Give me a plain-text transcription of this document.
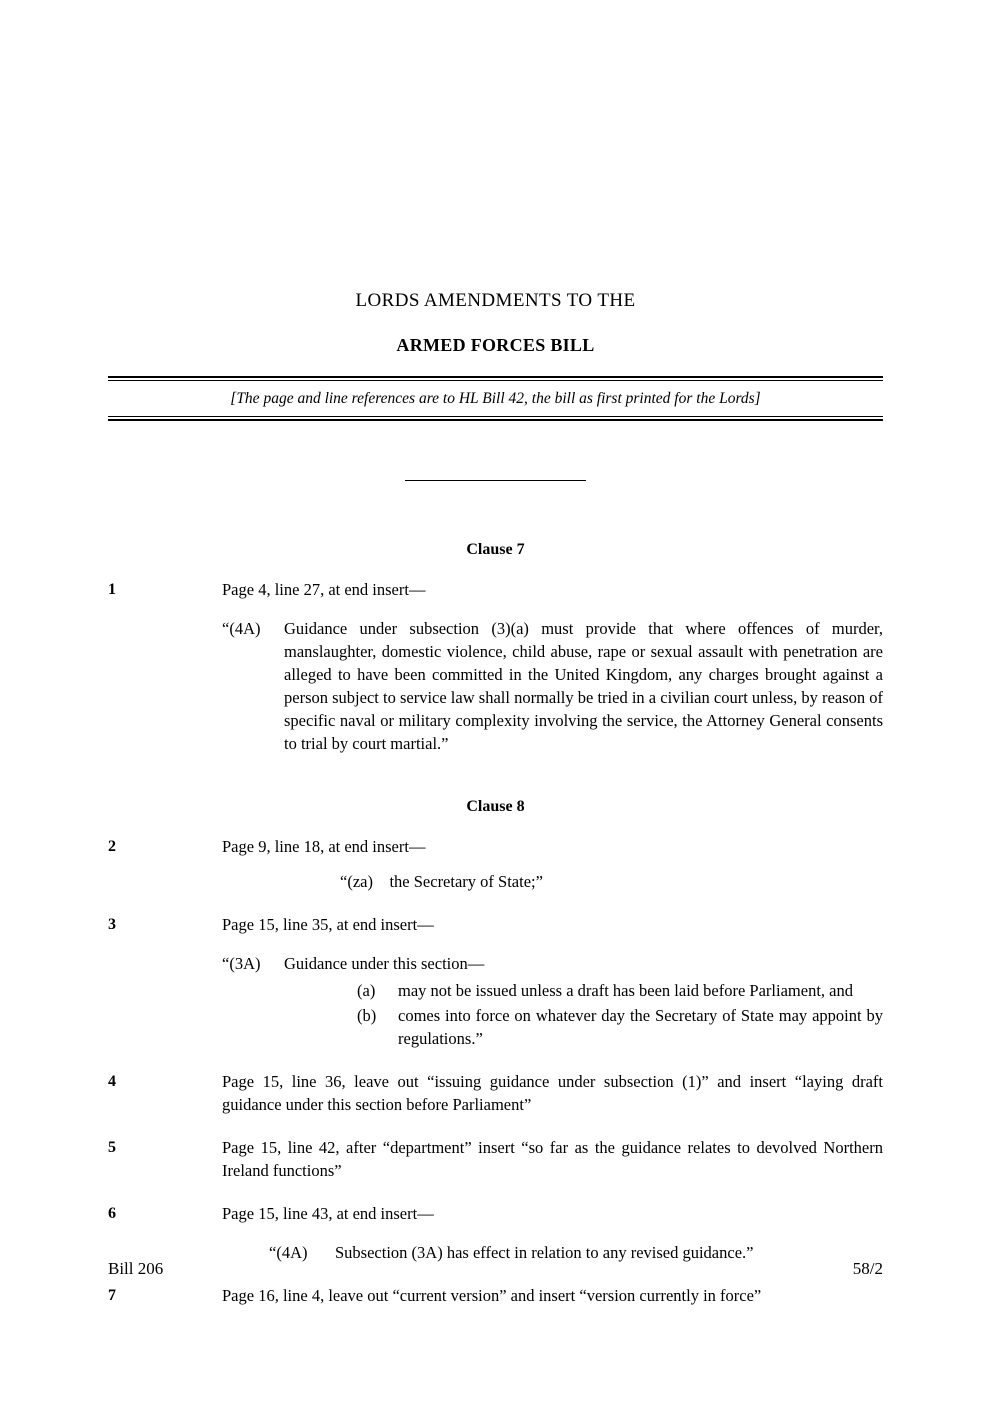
LORDS AMENDMENTS TO THE
ARMED FORCES BILL
[The page and line references are to HL Bill 42, the bill as first printed for the Lords]
Clause 7
1	Page 4, line 27, at end insert—
“(4A)	Guidance under subsection (3)(a) must provide that where offences of murder, manslaughter, domestic violence, child abuse, rape or sexual assault with penetration are alleged to have been committed in the United Kingdom, any charges brought against a person subject to service law shall normally be tried in a civilian court unless, by reason of specific naval or military complexity involving the service, the Attorney General consents to trial by court martial.”
Clause 8
2	Page 9, line 18, at end insert—
“(za) the Secretary of State;”
3	Page 15, line 35, at end insert—
“(3A)	Guidance under this section—
(a)	may not be issued unless a draft has been laid before Parliament, and
(b)	comes into force on whatever day the Secretary of State may appoint by regulations.”
4	Page 15, line 36, leave out “issuing guidance under subsection (1)” and insert “laying draft guidance under this section before Parliament”
5	Page 15, line 42, after “department” insert “so far as the guidance relates to devolved Northern Ireland functions”
6	Page 15, line 43, at end insert—
“(4A)	Subsection (3A) has effect in relation to any revised guidance.”
7	Page 16, line 4, leave out “current version” and insert “version currently in force”
Bill 206	58/2
